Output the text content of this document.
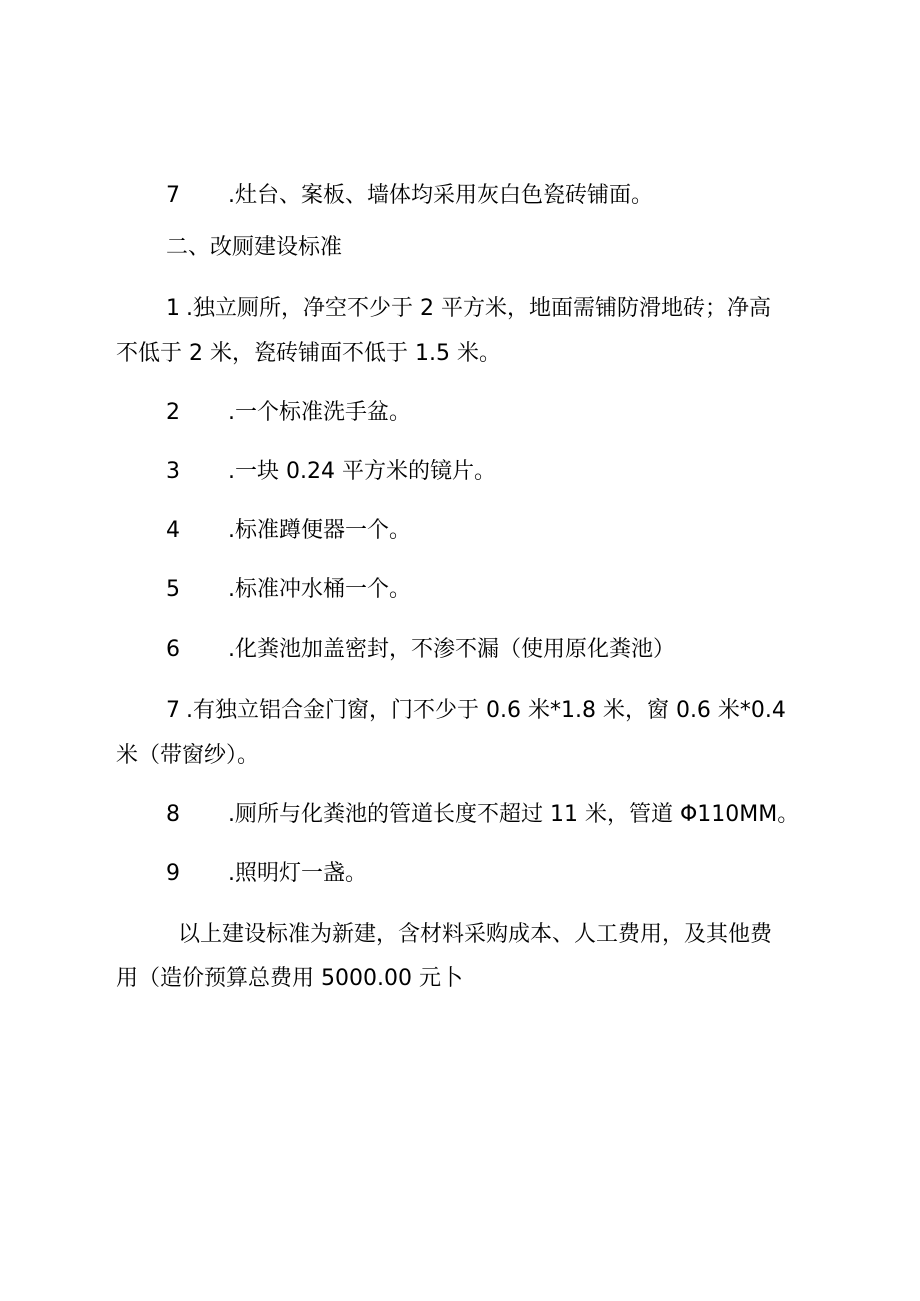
7 .灶台、案板、墙体均采用灰白色瓷砖铺面。
二、改厕建设标准
1 .独立厕所，净空不少于 2 平方米，地面需铺防滑地砖；净高
不低于 2 米，瓷砖铺面不低于 1.5 米。
2 .一个标准洗手盆。
3 .一块 0.24 平方米的镜片。
4 .标准蹲便器一个。
5 .标准冲水桶一个。
6 .化粪池加盖密封，不渗不漏（使用原化粪池）
7 .有独立铝合金门窗，门不少于 0.6 米*1.8 米，窗 0.6 米*0.4
米（带窗纱）。
8 .厕所与化粪池的管道长度不超过 11 米，管道 Φ110MM。
9 .照明灯一盏。
以上建设标准为新建，含材料采购成本、人工费用，及其他费
用（造价预算总费用 5000.00 元卜
